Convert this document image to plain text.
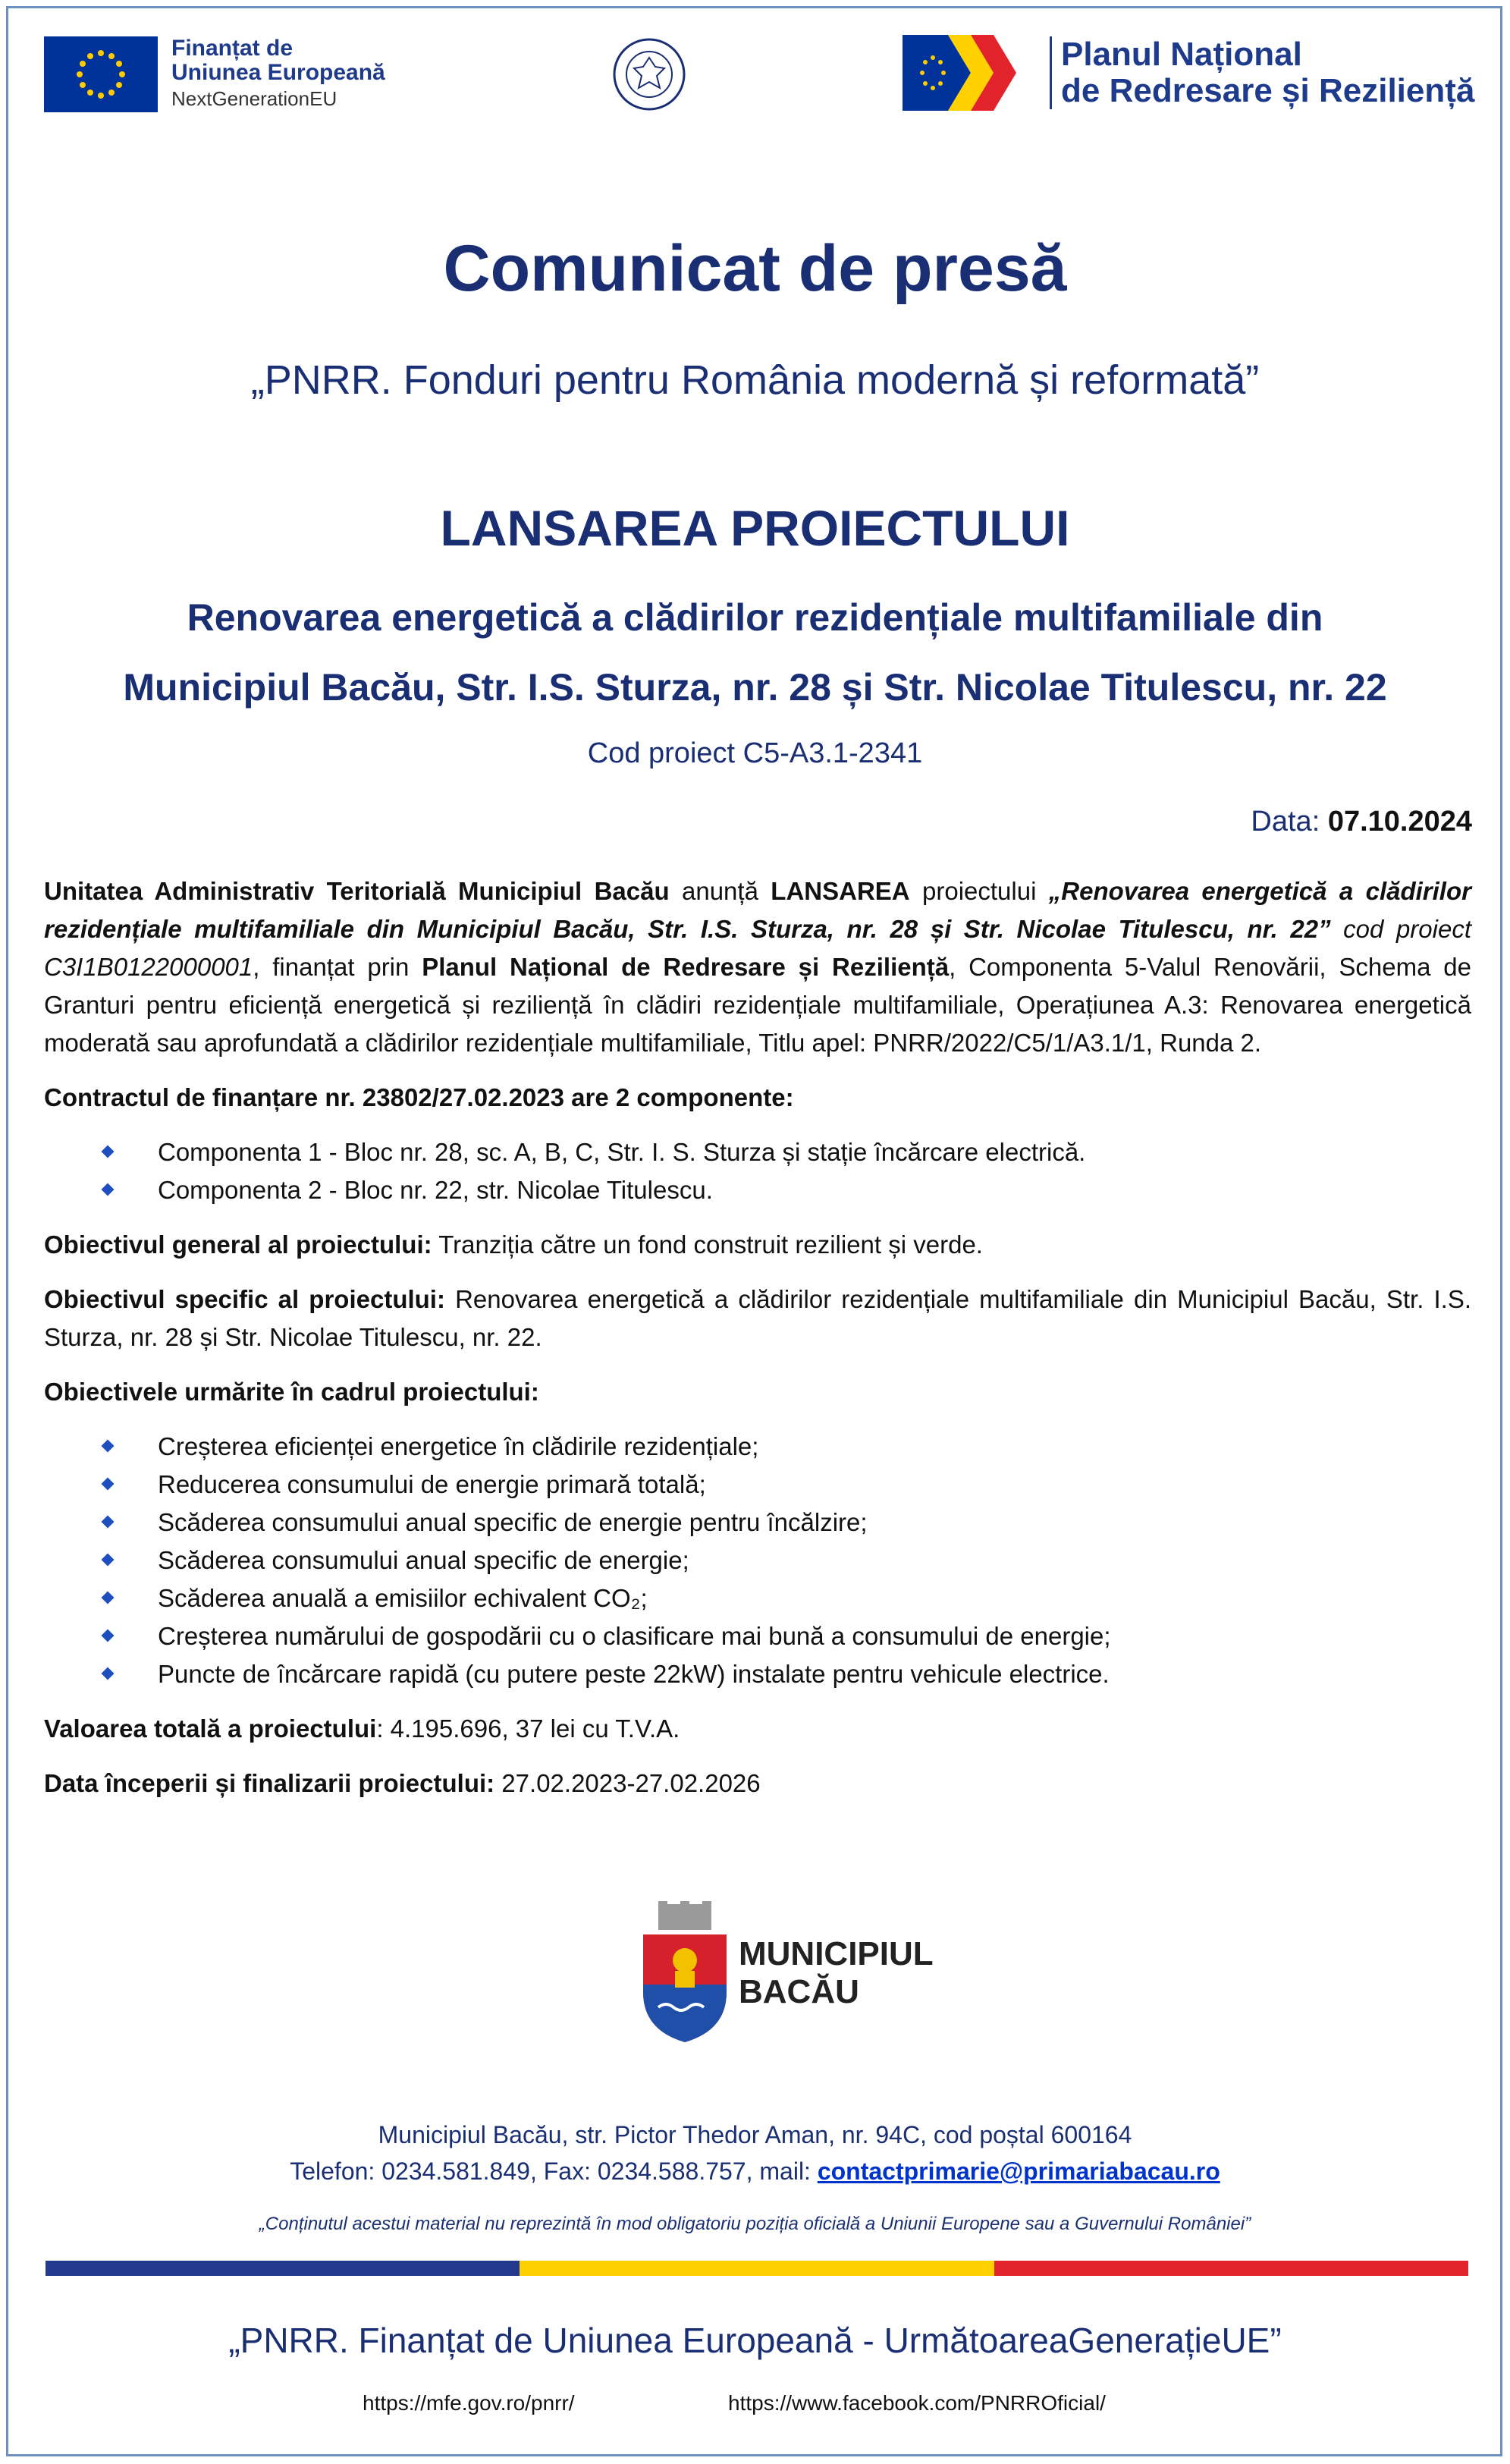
Finanțat de
Uniunea Europeană
NextGenerationEU
Planul Național
de Redresare și Reziliență
Comunicat de presă
„PNRR. Fonduri pentru România modernă și reformată”
LANSAREA PROIECTULUI
Renovarea energetică a clădirilor rezidențiale multifamiliale din
Municipiul Bacău, Str. I.S. Sturza, nr. 28 și Str. Nicolae Titulescu, nr. 22
Cod proiect C5-A3.1-2341
Data: 07.10.2024

Unitatea Administrativ Teritorială Municipiul Bacău anunță LANSAREA proiectului „Renovarea energetică a clădirilor rezidențiale multifamiliale din Municipiul Bacău, Str. I.S. Sturza, nr. 28 și Str. Nicolae Titulescu, nr. 22” cod proiect C3I1B0122000001, finanțat prin Planul Național de Redresare și Reziliență, Componenta 5-Valul Renovării, Schema de Granturi pentru eficiență energetică și reziliență în clădiri rezidențiale multifamiliale, Operațiunea A.3: Renovarea energetică moderată sau aprofundată a clădirilor rezidențiale multifamiliale, Titlu apel: PNRR/2022/C5/1/A3.1/1, Runda 2.

Contractul de finanțare nr. 23802/27.02.2023 are 2 componente:

Componenta 1 - Bloc nr. 28, sc. A, B, C, Str. I. S. Sturza și stație încărcare electrică.
Componenta 2 - Bloc nr. 22, str. Nicolae Titulescu.

Obiectivul general al proiectului: Tranziția către un fond construit rezilient și verde.

Obiectivul specific al proiectului: Renovarea energetică a clădirilor rezidențiale multifamiliale din Municipiul Bacău, Str. I.S. Sturza, nr. 28 și Str. Nicolae Titulescu, nr. 22.

Obiectivele urmărite în cadrul proiectului:

Creșterea eficienței energetice în clădirile rezidențiale;
Reducerea consumului de energie primară totală;
Scăderea consumului anual specific de energie pentru încălzire;
Scăderea consumului anual specific de energie;
Scăderea anuală a emisiilor echivalent CO₂;
Creșterea numărului de gospodării cu o clasificare mai bună a consumului de energie;
Puncte de încărcare rapidă (cu putere peste 22kW) instalate pentru vehicule electrice.

Valoarea totală a proiectului: 4.195.696, 37 lei cu T.V.A.

Data începerii și finalizarii proiectului: 27.02.2023-27.02.2026

MUNICIPIUL
BACĂU
Municipiul Bacău, str. Pictor Thedor Aman, nr. 94C, cod poștal 600164
Telefon: 0234.581.849, Fax: 0234.588.757, mail: contactprimarie@primariabacau.ro
„Conținutul acestui material nu reprezintă în mod obligatoriu poziția oficială a Uniunii Europene sau a Guvernului României”
„PNRR. Finanțat de Uniunea Europeană - UrmătoareaGenerațieUE”
https://mfe.gov.ro/pnrr/	https://www.facebook.com/PNRROficial/
